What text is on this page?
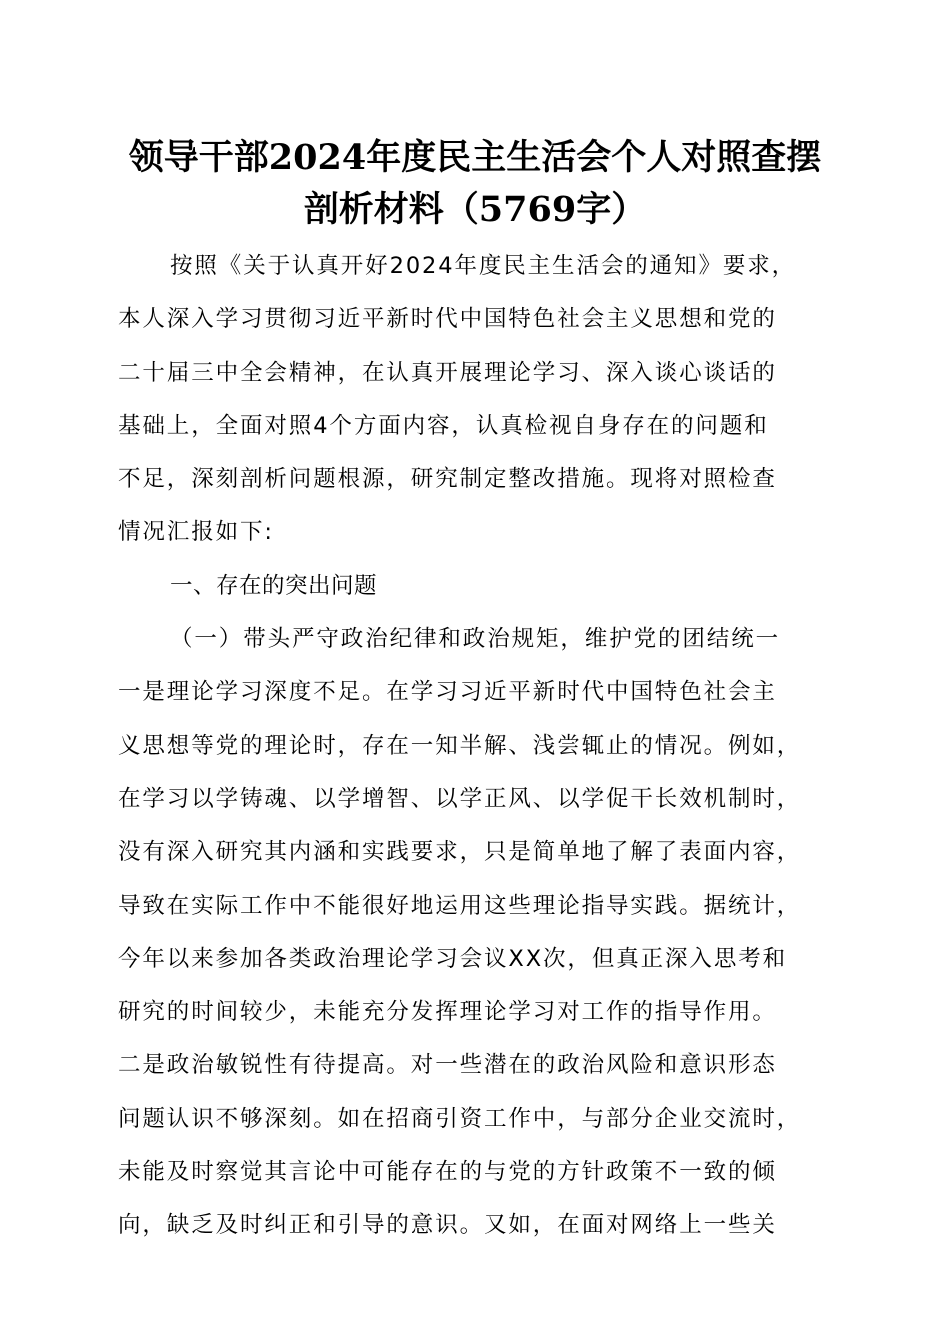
领导干部2024年度民主生活会个人对照查摆
剖析材料（5769字）
按照《关于认真开好2024年度民主生活会的通知》要求，
本人深入学习贯彻习近平新时代中国特色社会主义思想和党的
二十届三中全会精神，在认真开展理论学习、深入谈心谈话的
基础上，全面对照4个方面内容，认真检视自身存在的问题和
不足，深刻剖析问题根源，研究制定整改措施。现将对照检查
情况汇报如下:
一、存在的突出问题
（一）带头严守政治纪律和政治规矩，维护党的团结统一
一是理论学习深度不足。在学习习近平新时代中国特色社会主
义思想等党的理论时，存在一知半解、浅尝辄止的情况。例如，
在学习以学铸魂、以学增智、以学正风、以学促干长效机制时，
没有深入研究其内涵和实践要求，只是简单地了解了表面内容，
导致在实际工作中不能很好地运用这些理论指导实践。据统计，
今年以来参加各类政治理论学习会议XX次，但真正深入思考和
研究的时间较少，未能充分发挥理论学习对工作的指导作用。
二是政治敏锐性有待提高。对一些潜在的政治风险和意识形态
问题认识不够深刻。如在招商引资工作中，与部分企业交流时，
未能及时察觉其言论中可能存在的与党的方针政策不一致的倾
向，缺乏及时纠正和引导的意识。又如，在面对网络上一些关
